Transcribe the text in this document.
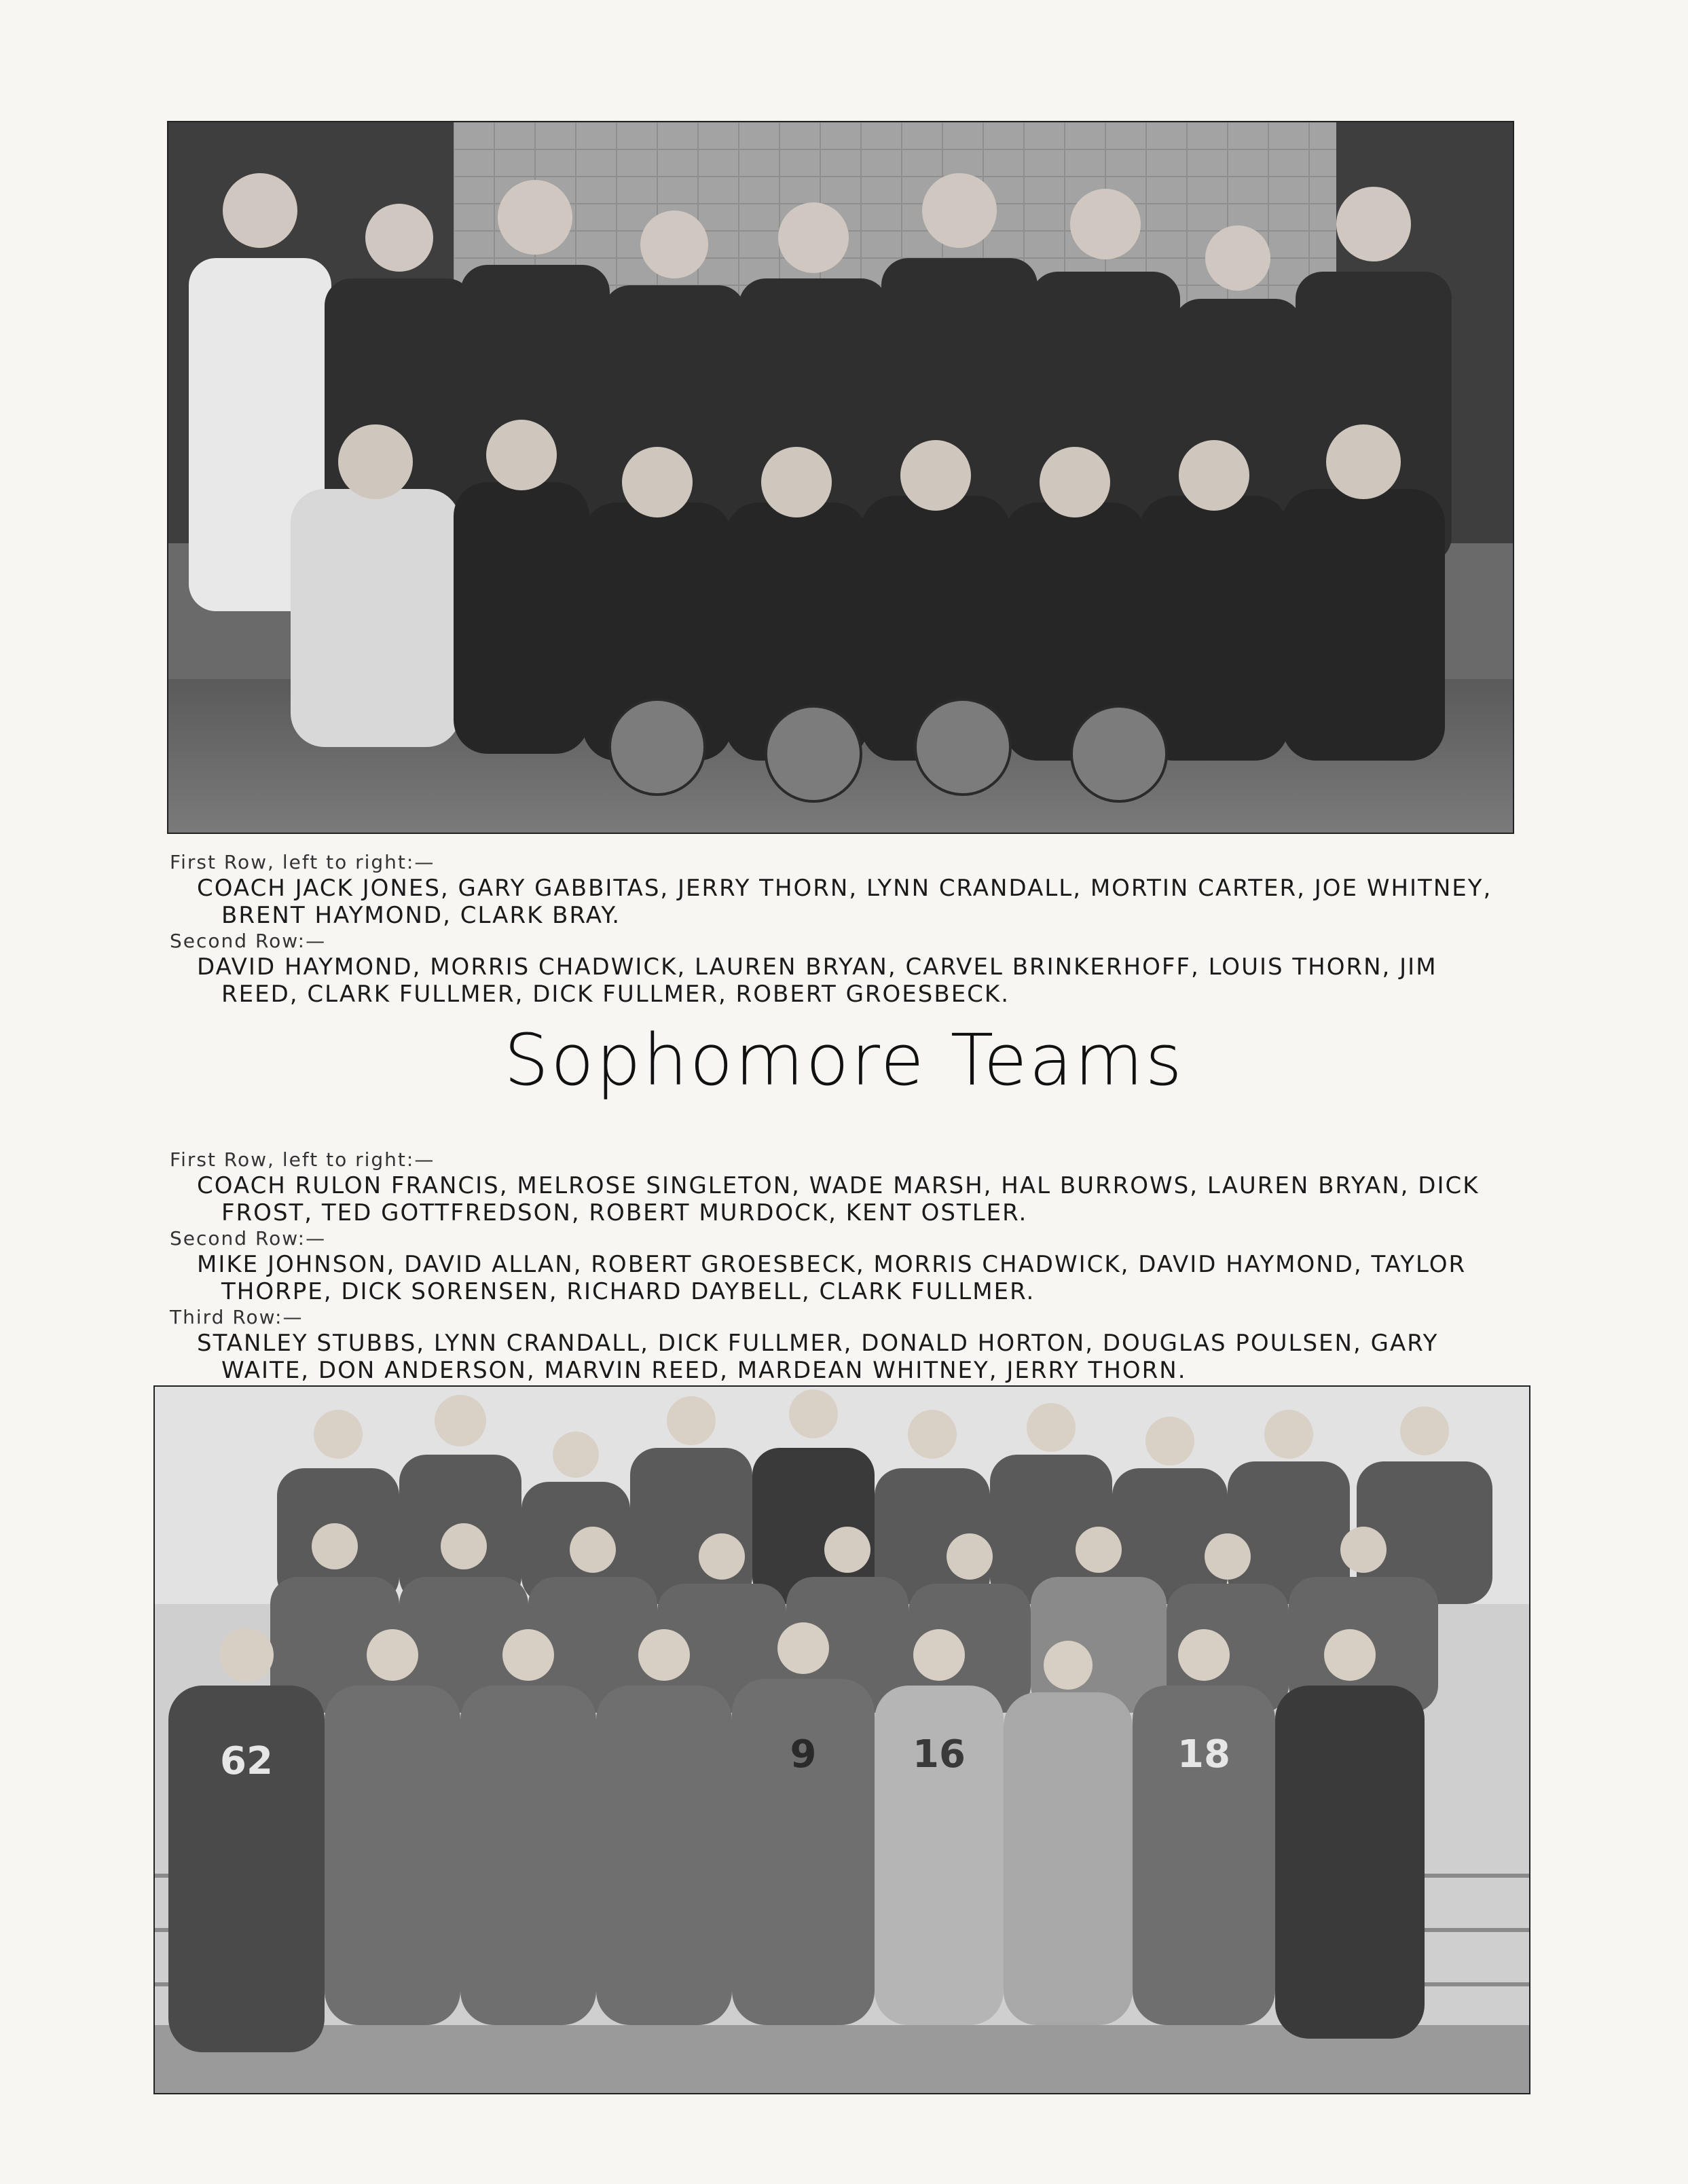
First Row, left to right:—
COACH JACK JONES, GARY GABBITAS, JERRY THORN, LYNN CRANDALL, MORTIN CARTER, JOE WHITNEY,
BRENT HAYMOND, CLARK BRAY.
Second Row:—
DAVID HAYMOND, MORRIS CHADWICK, LAUREN BRYAN, CARVEL BRINKERHOFF, LOUIS THORN, JIM
REED, CLARK FULLMER, DICK FULLMER, ROBERT GROESBECK.
Sophomore Teams
First Row, left to right:—
COACH RULON FRANCIS, MELROSE SINGLETON, WADE MARSH, HAL BURROWS, LAUREN BRYAN, DICK
FROST, TED GOTTFREDSON, ROBERT MURDOCK, KENT OSTLER.
Second Row:—
MIKE JOHNSON, DAVID ALLAN, ROBERT GROESBECK, MORRIS CHADWICK, DAVID HAYMOND, TAYLOR
THORPE, DICK SORENSEN, RICHARD DAYBELL, CLARK FULLMER.
Third Row:—
STANLEY STUBBS, LYNN CRANDALL, DICK FULLMER, DONALD HORTON, DOUGLAS POULSEN, GARY
WAITE, DON ANDERSON, MARVIN REED, MARDEAN WHITNEY, JERRY THORN.
62	9	16	18
